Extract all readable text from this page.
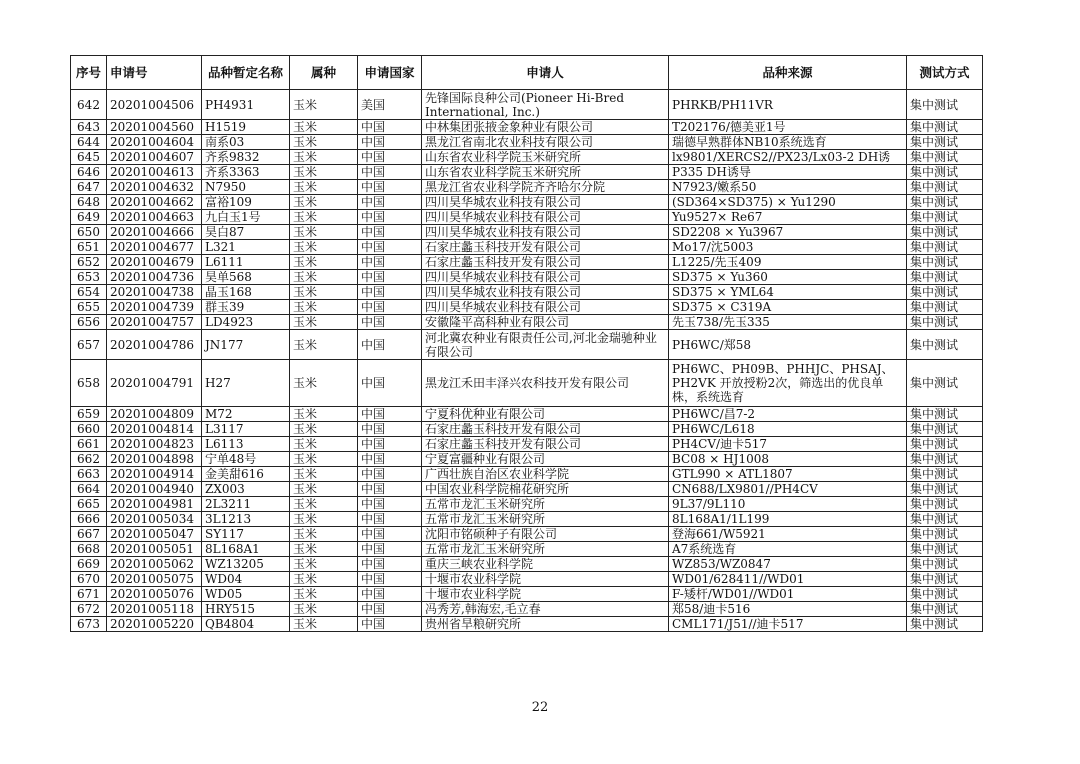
序号	申请号	品种暂定名称	属种	申请国家	申请人	品种来源	测试方式
642	20201004506	PH4931	玉米	美国	先锋国际良种公司(Pioneer Hi-Bred International, Inc.)	PHRKB/PH11VR	集中测试
643	20201004560	H1519	玉米	中国	中林集团张掖金象种业有限公司	T202176/德美亚1号	集中测试
644	20201004604	南系03	玉米	中国	黑龙江省南北农业科技有限公司	瑞德早熟群体NB10系统选育	集中测试
645	20201004607	齐系9832	玉米	中国	山东省农业科学院玉米研究所	lx9801/XERCS2//PX23/Lx03-2 DH诱	集中测试
646	20201004613	齐系3363	玉米	中国	山东省农业科学院玉米研究所	P335 DH诱导	集中测试
647	20201004632	N7950	玉米	中国	黑龙江省农业科学院齐齐哈尔分院	N7923/嫩系50	集中测试
648	20201004662	富裕109	玉米	中国	四川昊华城农业科技有限公司	(SD364×SD375) × Yu1290	集中测试
649	20201004663	九白玉1号	玉米	中国	四川昊华城农业科技有限公司	Yu9527× Re67	集中测试
650	20201004666	昊白87	玉米	中国	四川昊华城农业科技有限公司	SD2208 × Yu3967	集中测试
651	20201004677	L321	玉米	中国	石家庄蠡玉科技开发有限公司	Mo17/沈5003	集中测试
652	20201004679	L6111	玉米	中国	石家庄蠡玉科技开发有限公司	L1225/先玉409	集中测试
653	20201004736	昊单568	玉米	中国	四川昊华城农业科技有限公司	SD375 × Yu360	集中测试
654	20201004738	晶玉168	玉米	中国	四川昊华城农业科技有限公司	SD375 × YML64	集中测试
655	20201004739	群玉39	玉米	中国	四川昊华城农业科技有限公司	SD375 × C319A	集中测试
656	20201004757	LD4923	玉米	中国	安徽隆平高科种业有限公司	先玉738/先玉335	集中测试
657	20201004786	JN177	玉米	中国	河北冀农种业有限责任公司,河北金瑞驰种业有限公司	PH6WC/郑58	集中测试
658	20201004791	H27	玉米	中国	黑龙江禾田丰泽兴农科技开发有限公司	PH6WC、PH09B、PHHJC、PHSAJ、PH2VK 开放授粉2次，筛选出的优良单株，系统选育	集中测试
659	20201004809	M72	玉米	中国	宁夏科优种业有限公司	PH6WC/昌7-2	集中测试
660	20201004814	L3117	玉米	中国	石家庄蠡玉科技开发有限公司	PH6WC/L618	集中测试
661	20201004823	L6113	玉米	中国	石家庄蠡玉科技开发有限公司	PH4CV/迪卡517	集中测试
662	20201004898	宁单48号	玉米	中国	宁夏富疆种业有限公司	BC08 × HJ1008	集中测试
663	20201004914	金美甜616	玉米	中国	广西壮族自治区农业科学院	GTL990 × ATL1807	集中测试
664	20201004940	ZX003	玉米	中国	中国农业科学院棉花研究所	CN688/LX9801//PH4CV	集中测试
665	20201004981	2L3211	玉米	中国	五常市龙汇玉米研究所	9L37/9L110	集中测试
666	20201005034	3L1213	玉米	中国	五常市龙汇玉米研究所	8L168A1/1L199	集中测试
667	20201005047	SY117	玉米	中国	沈阳市铭硕种子有限公司	登海661/W5921	集中测试
668	20201005051	8L168A1	玉米	中国	五常市龙汇玉米研究所	A7系统选育	集中测试
669	20201005062	WZ13205	玉米	中国	重庆三峡农业科学院	WZ853/WZ0847	集中测试
670	20201005075	WD04	玉米	中国	十堰市农业科学院	WD01/628411//WD01	集中测试
671	20201005076	WD05	玉米	中国	十堰市农业科学院	F-矮杆/WD01//WD01	集中测试
672	20201005118	HRY515	玉米	中国	冯秀芳,韩海宏,毛立春	郑58/迪卡516	集中测试
673	20201005220	QB4804	玉米	中国	贵州省旱粮研究所	CML171/J51//迪卡517	集中测试
22
